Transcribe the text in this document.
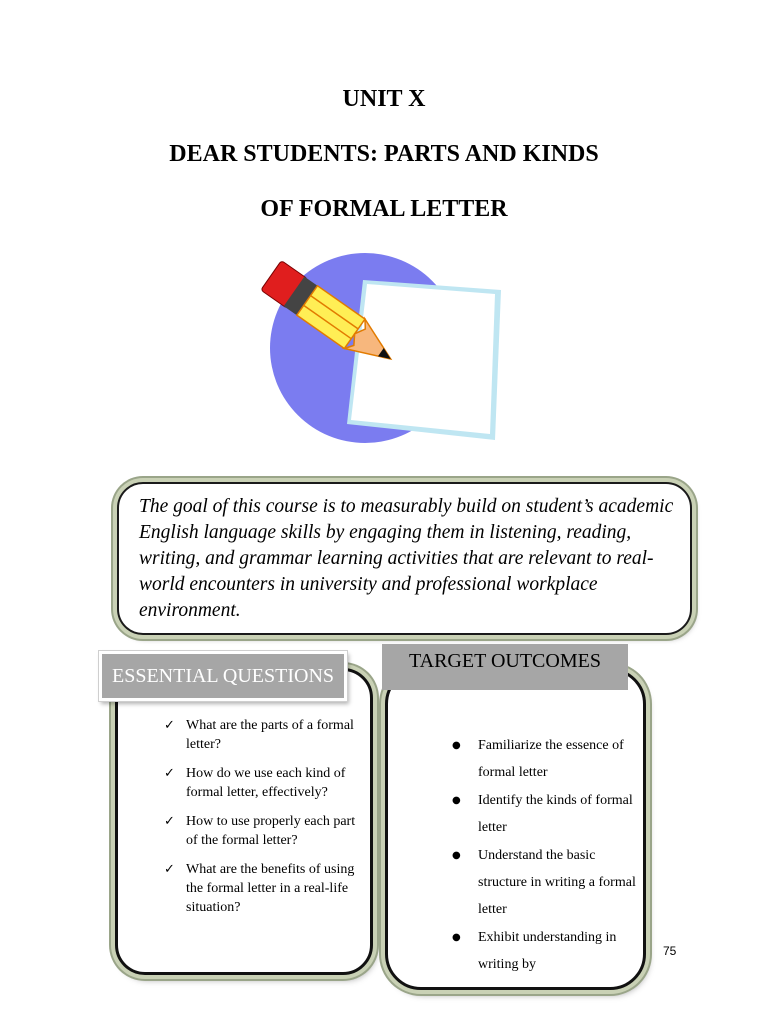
UNIT X
DEAR STUDENTS: PARTS AND KINDS
OF FORMAL LETTER

The goal of this course is to measurably build on student’s academic English language skills by engaging them in listening, reading, writing, and grammar learning activities that are relevant to real-world encounters in university and professional workplace environment.

ESSENTIAL QUESTIONS
TARGET OUTCOMES
✓ What are the parts of a formal letter?
✓ How do we use each kind of formal letter, effectively?
✓ How to use properly each part of the formal letter?
✓ What are the benefits of using the formal letter in a real-life situation?
●	Familiarize the essence of formal letter
●	Identify the kinds of formal letter
●	Understand the basic structure in writing a formal letter
●	Exhibit understanding in writing by
75
